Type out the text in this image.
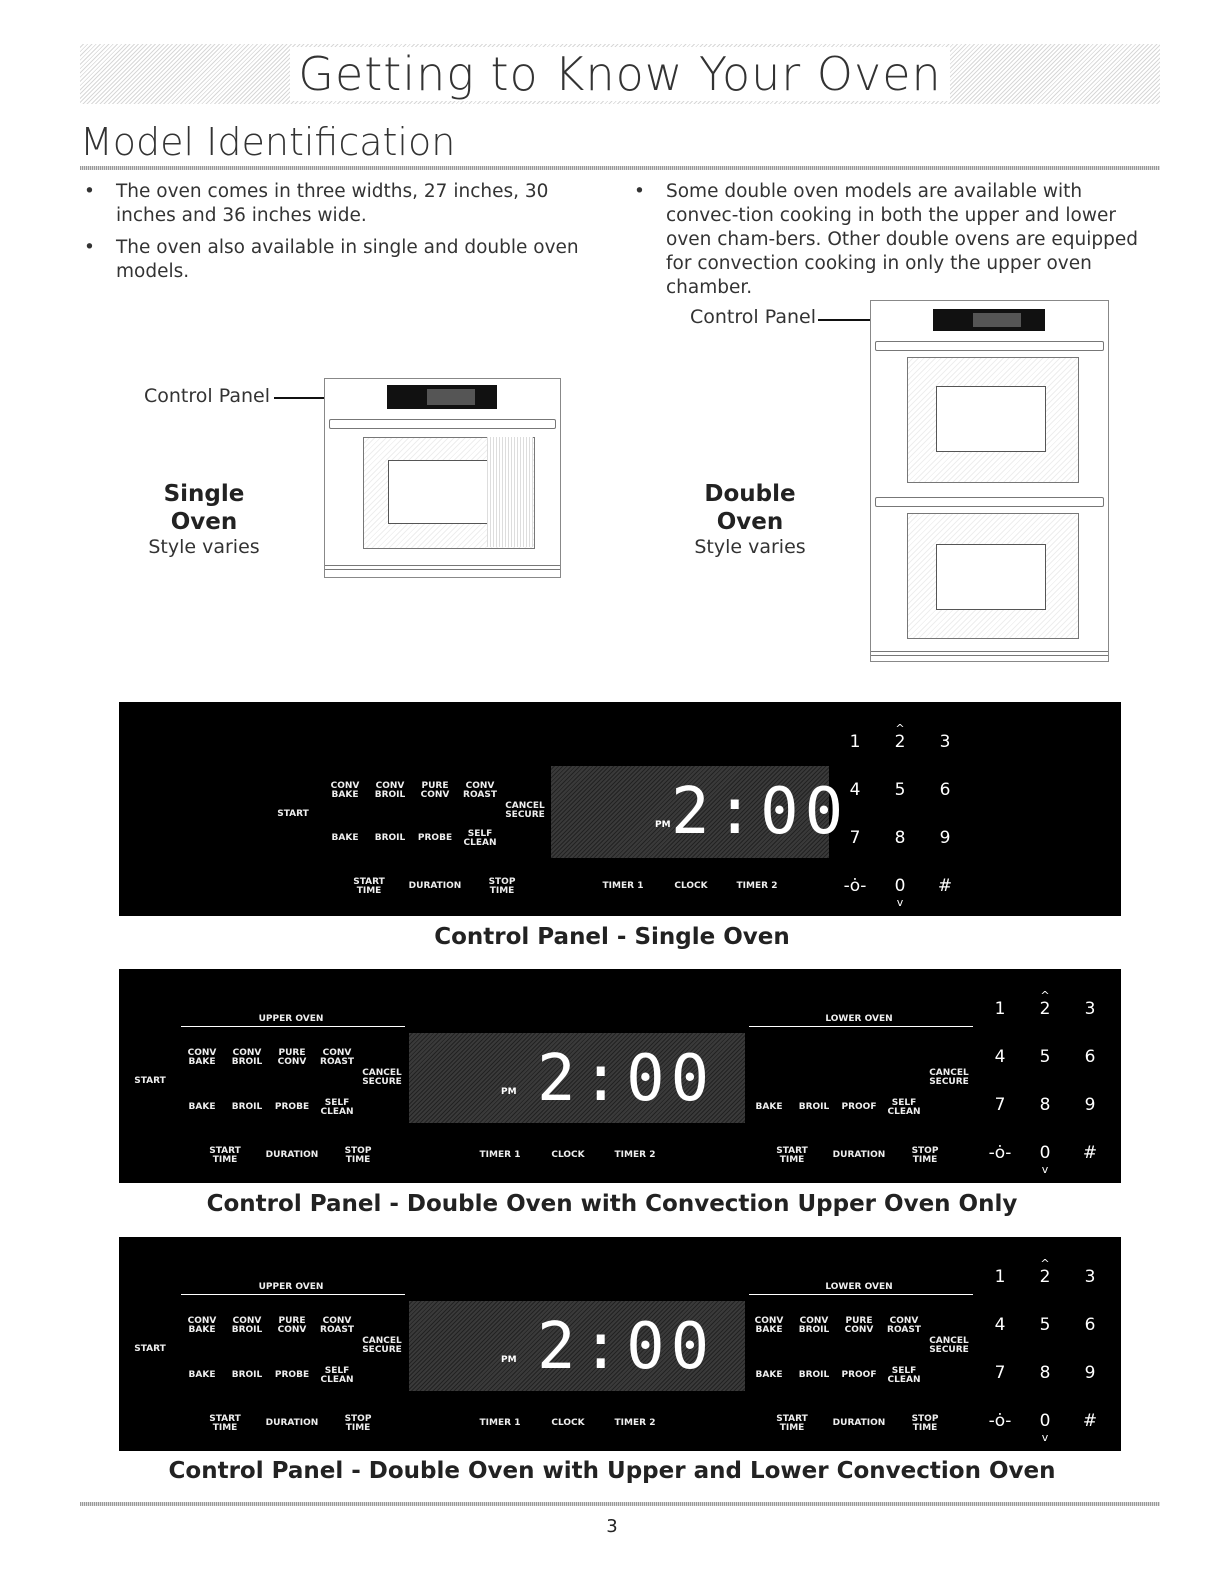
Getting to Know Your Oven
Model Identification
• The oven comes in three widths, 27 inches, 30 inches and 36 inches wide.
• The oven also available in single and double oven models.
• Some double oven models are available with convec-tion cooking in both the upper and lower oven cham-bers. Other double ovens are equipped for convection cooking in only the upper oven chamber.
Control Panel
Single
Oven
Style varies
Control Panel
Double
Oven
Style varies
START
CONV
BAKE
CONV
BROIL
PURE
CONV
CONV
ROAST
CANCEL
SECURE
BAKE BROIL PROBE	SELF
CLEAN
START
TIME	DURATION	STOP
TIME
PM 2:00
TIMER 1	CLOCK	TIMER 2
^
1 2 3
4 5 6
7 8 9
-ȯ- 0 #
v
Control Panel - Single Oven
UPPER OVEN	LOWER OVEN
START
CONV
BAKE
CONV
BROIL
PURE
CONV
CONV
ROAST
CANCEL
SECURE
BAKE BROIL PROBE	SELF
CLEAN
START
TIME	DURATION	STOP
TIME
PM 2:00
TIMER 1	CLOCK	TIMER 2
CANCEL
SECURE
BAKE BROIL PROOF	SELF
CLEAN
START
TIME	DURATION	STOP
TIME
^
1 2 3
4 5 6
7 8 9
-ȯ- 0 #
v
Control Panel - Double Oven with Convection Upper Oven Only
UPPER OVEN	LOWER OVEN
START
CONV
BAKE
CONV
BROIL
PURE
CONV
CONV
ROAST
CANCEL
SECURE
BAKE BROIL PROBE	SELF
CLEAN
START
TIME	DURATION	STOP
TIME
PM 2:00
TIMER 1	CLOCK	TIMER 2
CONV
BAKE
CONV
BROIL
PURE
CONV
CONV
ROAST
CANCEL
SECURE
BAKE BROIL PROOF	SELF
CLEAN
START
TIME	DURATION	STOP
TIME
^
1 2 3
4 5 6
7 8 9
-ȯ- 0 #
v
Control Panel - Double Oven with Upper and Lower Convection Oven
3
